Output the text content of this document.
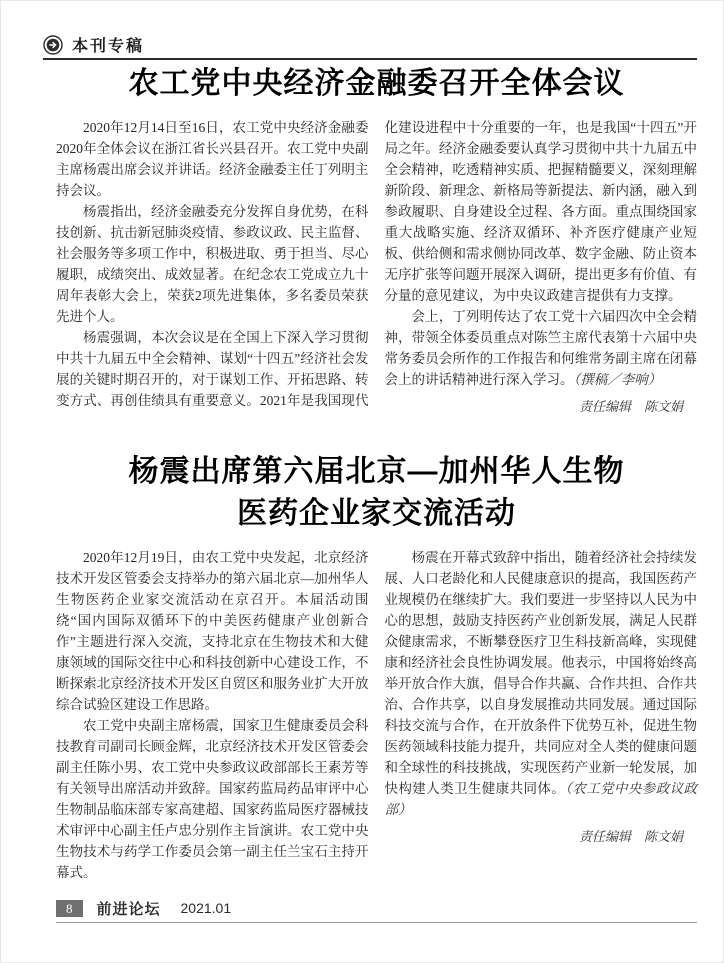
本刊专稿
农工党中央经济金融委召开全体会议

2020年12月14日至16日，农工党中央经济金融委2020年全体会议在浙江省长兴县召开。农工党中央副主席杨震出席会议并讲话。经济金融委主任丁列明主持会议。

杨震指出，经济金融委充分发挥自身优势，在科技创新、抗击新冠肺炎疫情、参政议政、民主监督、社会服务等多项工作中，积极进取、勇于担当、尽心履职，成绩突出、成效显著。在纪念农工党成立九十周年表彰大会上，荣获2项先进集体，多名委员荣获先进个人。

杨震强调，本次会议是在全国上下深入学习贯彻中共十九届五中全会精神、谋划“十四五”经济社会发展的关键时期召开的，对于谋划工作、开拓思路、转变方式、再创佳绩具有重要意义。2021年是我国现代化建设进程中十分重要的一年，也是我国“十四五”开局之年。经济金融委要认真学习贯彻中共十九届五中全会精神，吃透精神实质、把握精髓要义，深刻理解新阶段、新理念、新格局等新提法、新内涵，融入到参政履职、自身建设全过程、各方面。重点围绕国家重大战略实施、经济双循环、补齐医疗健康产业短板、供给侧和需求侧协同改革、数字金融、防止资本无序扩张等问题开展深入调研，提出更多有价值、有分量的意见建议，为中央议政建言提供有力支撑。

会上，丁列明传达了农工党十六届四次中全会精神，带领全体委员重点对陈竺主席代表第十六届中央常务委员会所作的工作报告和何维常务副主席在闭幕会上的讲话精神进行深入学习。（撰稿／李响）

责任编辑　陈文娟

杨震出席第六届北京—加州华人生物
医药企业家交流活动

2020年12月19日，由农工党中央发起，北京经济技术开发区管委会支持举办的第六届北京—加州华人生物医药企业家交流活动在京召开。本届活动围绕“国内国际双循环下的中美医药健康产业创新合作”主题进行深入交流，支持北京在生物技术和大健康领域的国际交往中心和科技创新中心建设工作，不断探索北京经济技术开发区自贸区和服务业扩大开放综合试验区建设工作思路。

农工党中央副主席杨震，国家卫生健康委员会科技教育司副司长顾金辉，北京经济技术开发区管委会副主任陈小男、农工党中央参政议政部部长王素芳等有关领导出席活动并致辞。国家药监局药品审评中心生物制品临床部专家高建超、国家药监局医疗器械技术审评中心副主任卢忠分别作主旨演讲。农工党中央生物技术与药学工作委员会第一副主任兰宝石主持开幕式。

杨震在开幕式致辞中指出，随着经济社会持续发展、人口老龄化和人民健康意识的提高，我国医药产业规模仍在继续扩大。我们要进一步坚持以人民为中心的思想，鼓励支持医药产业创新发展，满足人民群众健康需求，不断攀登医疗卫生科技新高峰，实现健康和经济社会良性协调发展。他表示，中国将始终高举开放合作大旗，倡导合作共赢、合作共担、合作共治、合作共享，以自身发展推动共同发展。通过国际科技交流与合作，在开放条件下优势互补，促进生物医药领域科技能力提升，共同应对全人类的健康问题和全球性的科技挑战，实现医药产业新一轮发展，加快构建人类卫生健康共同体。（农工党中央参政议政部）

责任编辑　陈文娟

8	前进论坛 2021.01
